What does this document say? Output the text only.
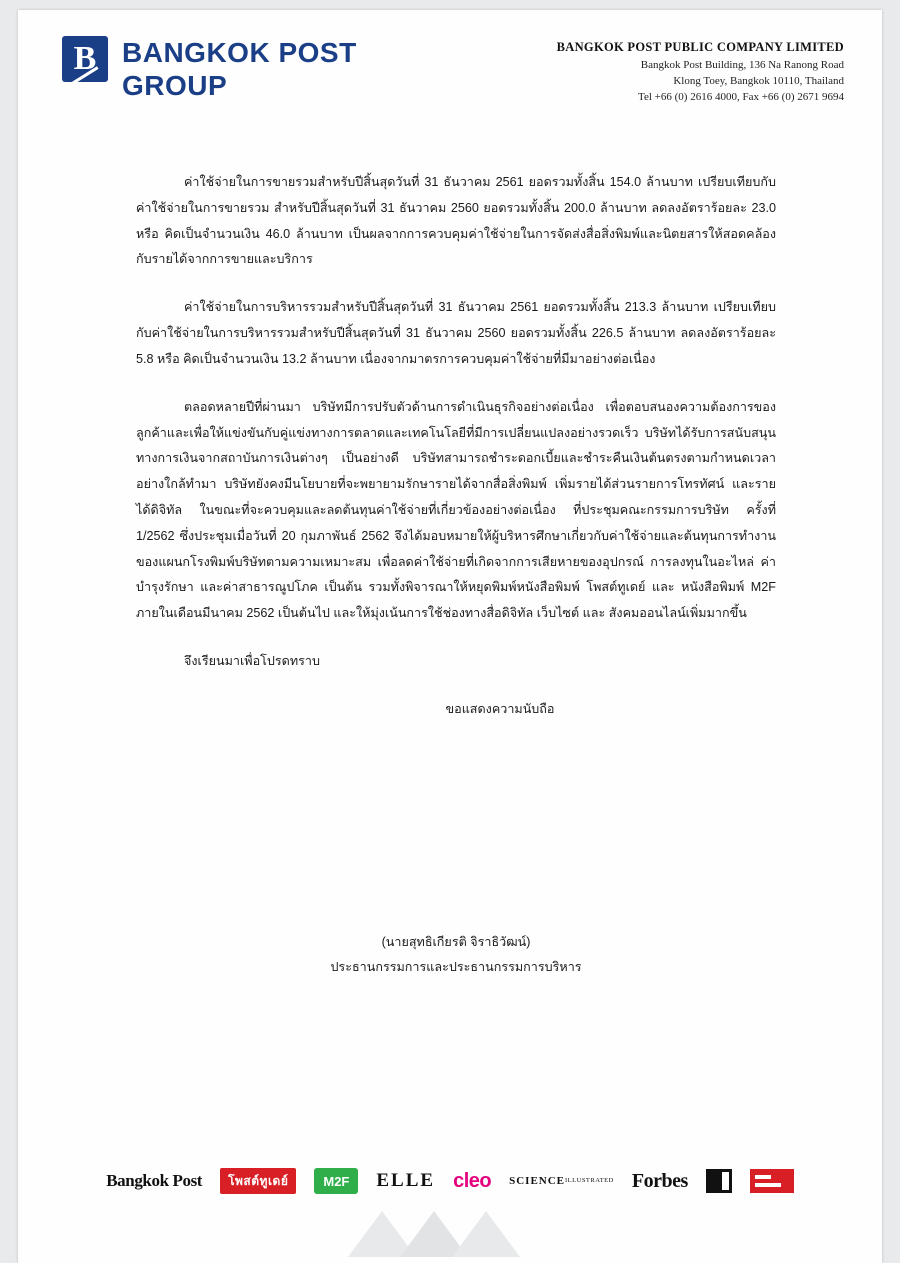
B BANGKOK POST
GROUP
BANGKOK POST PUBLIC COMPANY LIMITED
Bangkok Post Building, 136 Na Ranong Road
Klong Toey, Bangkok 10110, Thailand
Tel +66 (0) 2616 4000, Fax +66 (0) 2671 9694

ค่าใช้จ่ายในการขายรวมสำหรับปีสิ้นสุดวันที่ 31 ธันวาคม 2561 ยอดรวมทั้งสิ้น 154.0 ล้านบาท เปรียบเทียบกับค่าใช้จ่ายในการขายรวม สำหรับปีสิ้นสุดวันที่ 31 ธันวาคม 2560 ยอดรวมทั้งสิ้น 200.0 ล้านบาท ลดลงอัตราร้อยละ 23.0 หรือ คิดเป็นจำนวนเงิน 46.0 ล้านบาท เป็นผลจากการควบคุมค่าใช้จ่ายในการจัดส่งสื่อสิ่งพิมพ์และนิตยสารให้สอดคล้องกับรายได้จากการขายและบริการ

ค่าใช้จ่ายในการบริหารรวมสำหรับปีสิ้นสุดวันที่ 31 ธันวาคม 2561 ยอดรวมทั้งสิ้น 213.3 ล้านบาท เปรียบเทียบกับค่าใช้จ่ายในการบริหารรวมสำหรับปีสิ้นสุดวันที่ 31 ธันวาคม 2560 ยอดรวมทั้งสิ้น 226.5 ล้านบาท ลดลงอัตราร้อยละ 5.8 หรือ คิดเป็นจำนวนเงิน 13.2 ล้านบาท เนื่องจากมาตรการควบคุมค่าใช้จ่ายที่มีมาอย่างต่อเนื่อง

ตลอดหลายปีที่ผ่านมา บริษัทมีการปรับตัวด้านการดำเนินธุรกิจอย่างต่อเนื่อง เพื่อตอบสนองความต้องการของลูกค้าและเพื่อให้แข่งขันกับคู่แข่งทางการตลาดและเทคโนโลยีที่มีการเปลี่ยนแปลงอย่างรวดเร็ว บริษัทได้รับการสนับสนุนทางการเงินจากสถาบันการเงินต่างๆ เป็นอย่างดี บริษัทสามารถชำระดอกเบี้ยและชำระคืนเงินต้นตรงตามกำหนดเวลาอย่างใกล้ทำมา บริษัทยังคงมีนโยบายที่จะพยายามรักษารายได้จากสื่อสิ่งพิมพ์ เพิ่มรายได้ส่วนรายการโทรทัศน์ และรายได้ดิจิทัล ในขณะที่จะควบคุมและลดต้นทุนค่าใช้จ่ายที่เกี่ยวข้องอย่างต่อเนื่อง ที่ประชุมคณะกรรมการบริษัท ครั้งที่ 1/2562 ซึ่งประชุมเมื่อวันที่ 20 กุมภาพันธ์ 2562 จึงได้มอบหมายให้ผู้บริหารศึกษาเกี่ยวกับค่าใช้จ่ายและต้นทุนการทำงานของแผนกโรงพิมพ์บริษัทตามความเหมาะสม เพื่อลดค่าใช้จ่ายที่เกิดจากการเสียหายของอุปกรณ์ การลงทุนในอะไหล่ ค่าบำรุงรักษา และค่าสาธารณูปโภค เป็นต้น รวมทั้งพิจารณาให้หยุดพิมพ์หนังสือพิมพ์ โพสต์ทูเดย์ และ หนังสือพิมพ์ M2F ภายในเดือนมีนาคม 2562 เป็นต้นไป และให้มุ่งเน้นการใช้ช่องทางสื่อดิจิทัล เว็บไซต์ และ สังคมออนไลน์เพิ่มมากขึ้น

จึงเรียนมาเพื่อโปรดทราบ

ขอแสดงความนับถือ

(นายสุทธิเกียรติ จิราธิวัฒน์)
ประธานกรรมการและประธานกรรมการบริหาร
Bangkok Post	โพสต์ทูเดย์	M2F	ELLE cleo SCIENCE ILLUSTRATED Forbes
